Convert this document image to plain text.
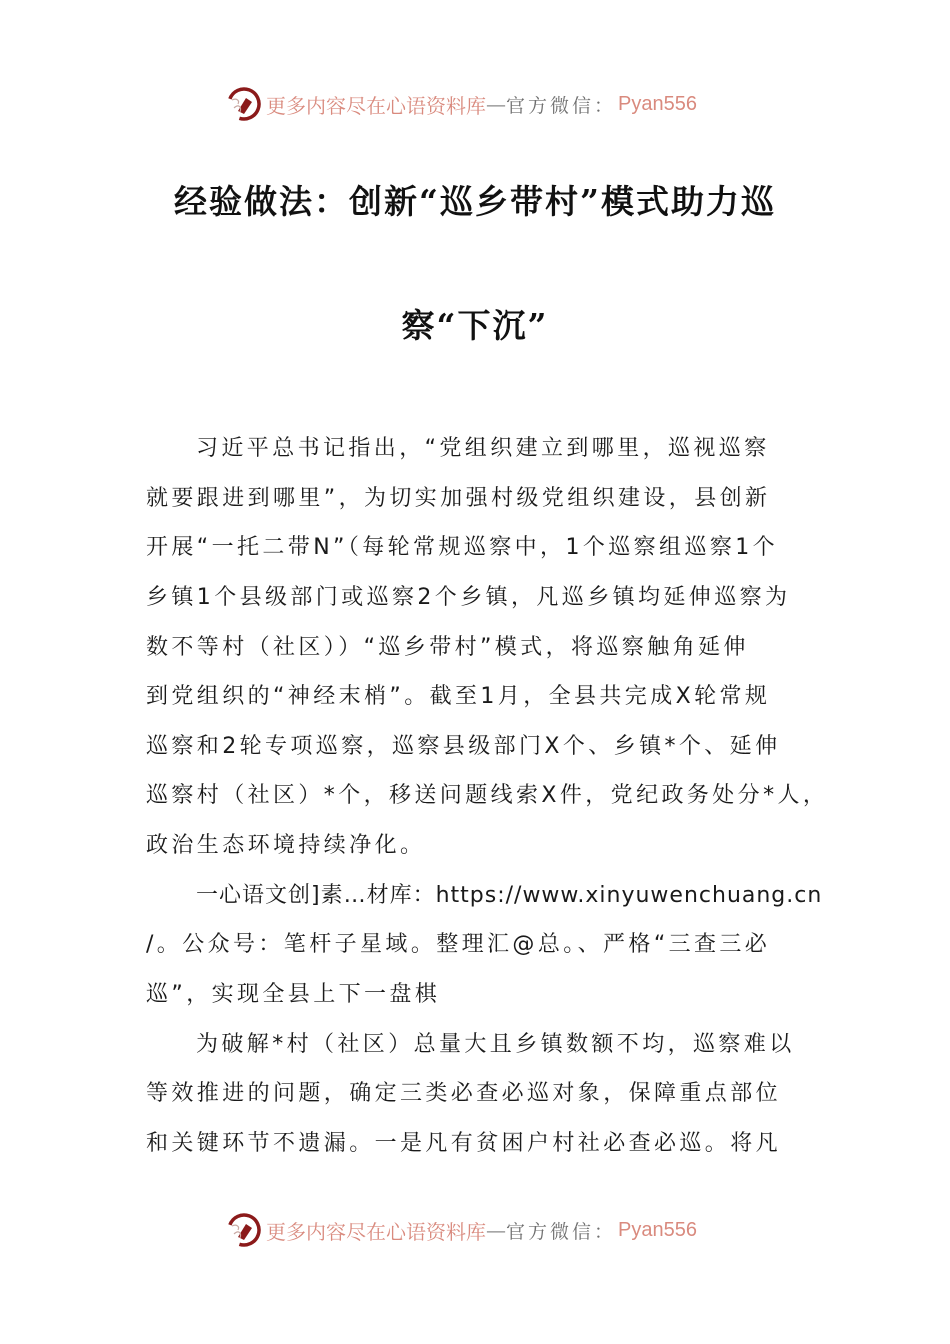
更多内容尽在心语资料库 — 官方微信： Pyan556
经验做法：创新“巡乡带村”模式助力巡
察“下沉”
习近平总书记指出，“党组织建立到哪里，巡视巡察
就要跟进到哪里”，为切实加强村级党组织建设，县创新
开展“一托二带N”（每轮常规巡察中，1个巡察组巡察1个
乡镇1个县级部门或巡察2个乡镇，凡巡乡镇均延伸巡察为
数不等村（社区））“巡乡带村”模式，将巡察触角延伸
到党组织的“神经末梢”。截至1月，全县共完成X轮常规
巡察和2轮专项巡察，巡察县级部门X个、乡镇*个、延伸
巡察村（社区）*个，移送问题线索X件，党纪政务处分*人，
政治生态环境持续净化。
一心语文创]素…材库：https://www.xinyuwenchuang.cn
/。公众号：笔杆子星域。整理汇@总。、严格“三查三必
巡”，实现全县上下一盘棋
为破解*村（社区）总量大且乡镇数额不均，巡察难以
等效推进的问题，确定三类必查必巡对象，保障重点部位
和关键环节不遗漏。一是凡有贫困户村社必查必巡。将凡
更多内容尽在心语资料库 — 官方微信： Pyan556
